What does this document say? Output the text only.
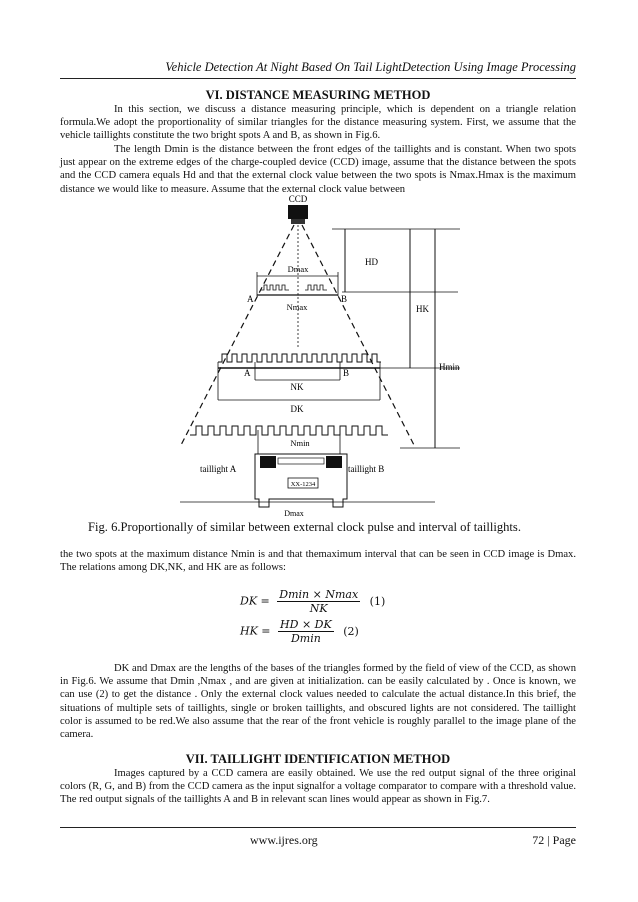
Vehicle Detection At Night Based On Tail LightDetection Using Image Processing
VI. DISTANCE MEASURING METHOD

In this section, we discuss a distance measuring principle, which is dependent on a triangle relation formula.We adopt the proportionality of similar triangles for the distance measuring system. First, we assume that the vehicle taillights constitute the two bright spots A and B, as shown in Fig.6.

The length Dmin is the distance between the front edges of the taillights and is constant. When two spots just appear on the extreme edges of the charge-coupled device (CCD) image, assume that the distance between the spots and the CCD camera equals Hd and that the external clock value between the two spots is Nmax.Hmax is the maximum distance we would like to measure. Assume that the external clock value between

CCD
HD
HK
Hmin
Dmax
A	B
Nmax
A	B
NK
DK
Nmin
XX-1234
taillight A	taillight B
Dmax
Fig. 6.Proportionally of similar between external clock pulse and interval of taillights.

the two spots at the maximum distance Nmin is and that themaximum interval that can be seen in CCD image is Dmax. The relations among DK,NK, and HK are as follows:

DK = $\frac{Dmin \times Nmax}{NK} (1)$
HK = $\frac{HD \times DK}{Dmin} (2)$

DK and Dmax are the lengths of the bases of the triangles formed by the field of view of the CCD, as shown in Fig.6. We assume that Dmin ,Nmax , and are given at initialization. can be easily calculated by . Once is known, we can use (2) to get the distance . Only the external clock values needed to calculate the actual distance.In this brief, the situations of multiple sets of taillights, single or broken taillights, and obscured lights are not considered. The taillight color is assumed to be red.We also assume that the rear of the front vehicle is roughly parallel to the image plane of the camera.

VII. TAILLIGHT IDENTIFICATION METHOD

Images captured by a CCD camera are easily obtained. We use the red output signal of the three original colors (R, G, and B) from the CCD camera as the input signalfor a voltage comparator to compare with a threshold value. The red output signals of the taillights A and B in relevant scan lines would appear as shown in Fig.7.

www.ijres.org	72 | Page
